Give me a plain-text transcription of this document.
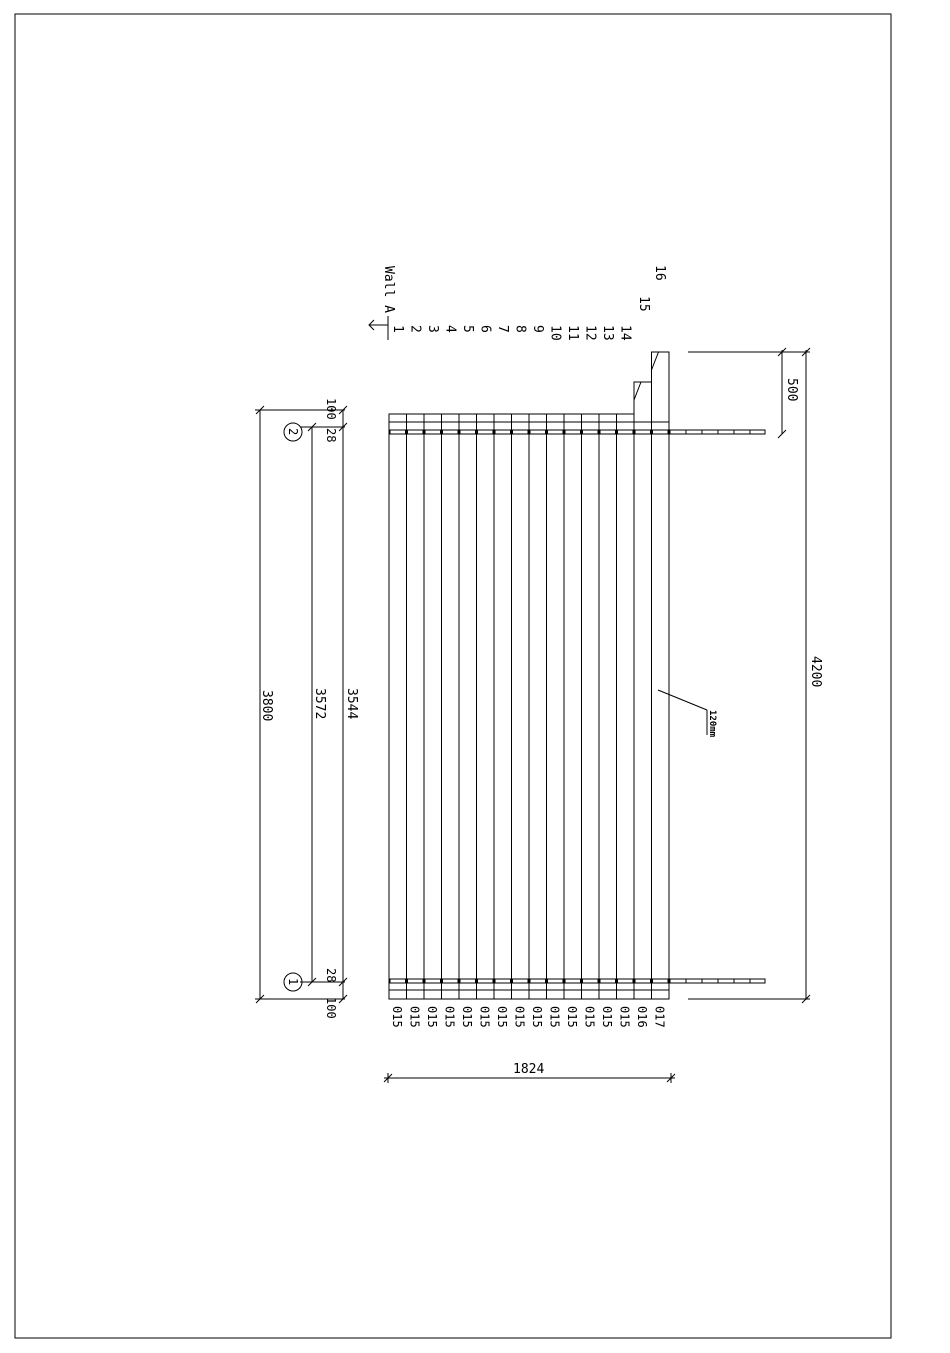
1 2 3 4 5 6 7 8 9 10 11 12 13 14
15
16
015 015 015 015 015 015 015 015 015 015 015 015 015 015 016 017
Wall A
3800	3572 3544
100
28
28
100
2
1
4200
500
1824
120mm
